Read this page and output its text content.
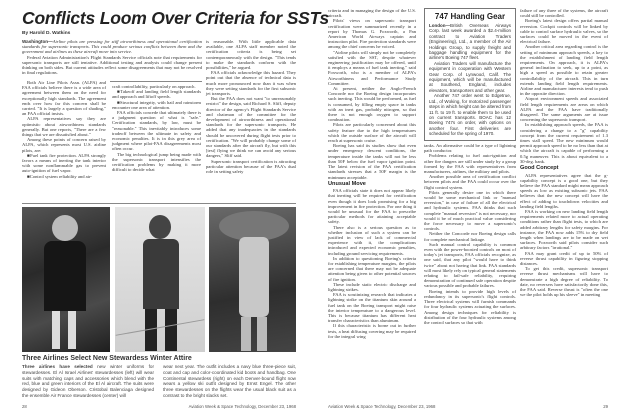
Conflicts Loom Over Criteria for SSTs
By Harold D. Watkins

Washington—Airline pilots are pressing for stiff airworthiness and operational certification standards for supersonic transports. This could produce serious conflicts between them and the government and airlines as these aircraft move into service.

Federal Aviation Administration's Flight Standards Service officials note that requirements for supersonic transports are still tentative. Additional testing and analysis could change present thinking on both sides. But current attitudes reflect some disagreements that may not be resolved in final regulations.

Both Air Line Pilots Assn. (ALPA) and FAA officials believe there is a wide area of agreement between them on the need for exceptionally high standards. The agreement ends over how far this concern shall be carried. "It is largely a question of shading," an FAA official insists.

ALPA representatives say they are optimistic about airworthiness standards generally. But one reports, "There are a few things that we are dissatisfied about."

Among these points of concern raised by ALPA, which represents most U.S. airline pilots, are:

■Fuel tank fire protection. ALPA strongly favors a means of inerting the tank interior with some nonflammable gas to prevent auto-ignition of fuel vapor.

■Control system reliability and air-

craft controllability, particularly on approach.

■Takeoff and landing field length standards and approach and liftoff speeds.

■Structural integrity, with hail and rainstorm encounter one area of attention.

FAA officials concede that ultimately there is a judgment question of what is "safe." Certification standards, by law, must be "reasonable." This inevitably introduces some tradeoff between the ultimate in safety and economic penalties. It is in this grey area of judgment where pilot-FAA disagreements most often occur.

The big technological jump being made with the supersonic transport intensifies the certification problems by making it more difficult to decide what

is reasonable. With little applicable data available, one ALPA staff member noted the certification criteria is being set contemporaneously with the design. "This tends to make the standards conform with the possibilities," he argued.

FAA officials acknowledge this hazard. They point out that the absence of technical data is much more pronounced now than it was when they were setting standards for the first subsonic jet transports.

But the FAA does not want "to unreasonably restrict" the design, said Richard S. Sliff, deputy director of the agency's Flight Standards Service and chairman of the committee for the development of airworthiness and operational standards for the supersonic transports. He added that any inadequacies in the standards should be uncovered during flight tests prior to certification. "We will probably change some of our standards after the aircraft fly, but with this [test] flying we think we can avoid any serious dangers," Sliff said.

Supersonic transport certification is attracting particular attention because of the FAA's dual role in setting safety

Three Airlines Select New Stewardess Winter Attire
Three airlines have selected new winter uniforms for stewardesses. El Al Israel Airlines' stewardesses (left) will wear suits with matching caps and accessories which blend with the red, blue and green interiors of the El Al aircraft. The suits were designed by Gideon Oberson. Cristobal Balenciaga designed the ensemble Air France stewardesses (center) will
wear next year. The outfit includes a navy blue three-piece suit, coat and cap and color-coordinated kid boots and handbag. One Continental stewardess (right) on each Denver-bound flight now wears a yellow ski outfit designed by Ernst Engel. The other three stewardesses on the flights wear the usual black suit as a contrast to the bright slacks set.
28	Aviation Week & Space Technology, December 23, 1968

criteria and in managing the design of the U.S. aircraft.

Pilots' views on supersonic transport certification were summarized recently in a report by Thomas G. Foxworth, a Pan American World Airways captain and instruction pilot. Fire protection standards were among the chief concerns he voiced.

"Airline pilots will simply not be completely satisfied with the SST, despite whatever engineering justification may be offered, until it employs a means of fuel tank inerting," said Foxworth, who is a member of ALPA's Airworthiness and Performance Study Committee.

At present, neither the Anglo-French Concorde nor the Boeing design incorporates such inerting. This would be performed, as fuel is consumed, by filling empty space in tanks with an inert gas, probably nitrogen, so that there is not enough oxygen to support combustion.

Pilots are particularly concerned about this safety feature due to the high temperatures which the outside surface of the aircraft will reach at supersonic cruise.

Boeing has said its studies show that even under emergency descent conditions, the temperature inside the tanks will not be less than 50F below the fuel vapor ignition point. The latest revision of the FAA certification standards stresses that a 50F margin is the minimum acceptable.

Unusual Move

FAA officials state it does not appear likely that inerting will be required for certification even though it does look promising for a big improvement in fire protection. For one thing it would be unusual for the FAA to prescribe particular methods for attaining acceptable safety.

There also is a serious question as to whether inclusion of such a system can be justified in view of lack of commercial experience with it, the complications introduced and expected economic penalties, including ground servicing requirements.

In addition to questioning Boeing's criteria for establishing temperature margins, the pilots are concerned that there may not be adequate attention being given to other potential sources of fire ignition.

These include static electric discharge and lightning strikes.

FAA is scrutinizing research that indicates a lightning strike on the titanium skin around a fuel tank on the Boeing transport might raise the interior temperature to a dangerous level. This is because titanium has different heat transfer characteristics than aluminum.

If this characteristic is borne out in further tests, a heat diffusing covering may be required for the integral wing

747 Handling Gear

London—British Overseas Airways Corp. last week awarded a $2.4-million contract to Aviation Traders (Engineering), Ltd., a member of the Air Holdings Group, to supply freight and baggage handling equipment for the airline's Boeing 747 fleet.

Aviation Traders will manufacture the equipment in cooperation with Western Gear Corp. of Lynwood, Calif. The equipment, which will be manufactured at Southend, England, includes elevators, transporters and other gear.

Another 747 order went to Edgetrue, Ltd., of Woking, for motorized passenger steps in which height can be altered from 11 ft. to 19 ft. to enable them to be used on current transports. BOAC has 12 Boeing 747s on order, with options on another four. First deliveries are scheduled for the spring of 1970.

tanks. An alternative could be a type of lightning path conductor.

Problems relating to fuel auto-ignition and other fire dangers are still under study by a group formed by the FAA with representatives from manufacturers, airlines, the military and pilots.

Another possible area of certification conflict between pilots and the FAA could occur over the flight control system.

Pilots generally desire one in which there would be some mechanical link or "manual reversion," in case of failure of all the electrical and hydraulic systems. FAA thinks that such complete "manual reversion" is not necessary, nor would it be of much practical value considering the force necessary to move a supersonic's controls.

Neither the Concorde nor Boeing design calls for complete mechanical linkage.

Such manual control capability is common even with the power-boosted controls on most of today's jet transports, FAA officials recognize, as one said, that any pilot "would have to think twice" about not having that link. FAA standards will most likely rely on typical general statements relating to fail-safe reliability, requiring demonstration of continued safe operation despite various possible and probable failures.

Boeing intends to provide high levels of redundancy in its supersonic's flight controls. Three electrical systems will furnish commands for four hydraulic systems actuating the surfaces. Among design techniques for reliability is distribution of the four hydraulic systems among the control surfaces so that with

failure of any three of the systems, the aircraft could still be controlled.

Boeing's latest design offers partial manual reversion. Cockpit controls will be linked by cable to control surface hydraulic valves, so the surfaces could be moved in the event of electrical failure.

Another critical area regarding control is the setting of minimum approach speeds, a key to the establishment of landing field length requirements. On approach, it is ALPA's general inclination to seek, up to a point, as high a speed as possible to retain greater controllability of the aircraft. This in turn extends landing field length requirements. Airline and manufacturer interests tend to push in the opposite direction.

Airport environment speeds and associated field length requirements are areas on which ALPA and the FAA have traditionally disagreed. The same arguments are at issue concerning the supersonic transport.

In establishing approach speeds, the FAA is considering a change to a "g" capability concept from the current requirement of 1.3 times stall speed. The new minimum would permit approach speed to be no less than that at which the aircraft is capable of performing a 0.5g maneuver. This is about equivalent to a 30-deg. bank.

Good Concept

ALPA representatives agree that the g-capability concept is a good one, but they believe the FAA standard might mean approach speeds as low as existing subsonic jets. FAA believes that the new concept will have the effect of adding to touchdown velocities and landing field lengths.

FAA is working on new landing field length requirements related more to actual operating conditions rather than flight tests, to which are added arbitrary lengths for safety margins. For instance, the FAA now adds 15% to dry field length when landings are to be made on wet surfaces. Foxworth said pilots consider such arbitrary factors "irrational."

FAA may grant credit of up to 50% of reverse thrust capability in figuring stopping distances.

To get this credit, supersonic transport reverse thrust mechanisms will have to demonstrate a high degree of reliability. To date, no reversers have satisfactorily done this, the FAA said. Reverse thrust is "often the one we the pilot holds up his sleeve" in meeting

Aviation Week & Space Technology, December 23, 1968	29
